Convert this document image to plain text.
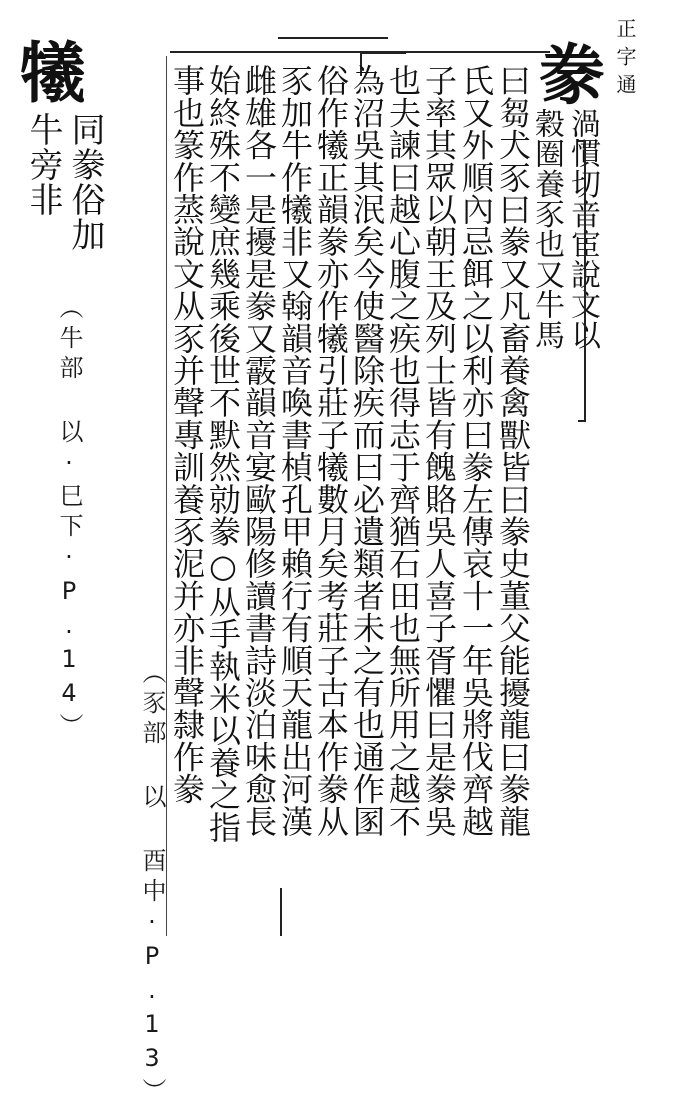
正字通
豢
渦慣切音宦說文以
穀圈養豕也又牛馬
曰芻犬豕曰豢又凡畜養禽獸皆曰豢史董父能擾龍曰豢龍
氏又外順內忌餌之以利亦曰豢左傳哀十一年吳將伐齊越
子率其眾以朝王及列士皆有餽賂吳人喜子胥懼曰是豢吳
也夫諫曰越心腹之疾也得志于齊猶石田也無所用之越不
為沼吳其泯矣今使醫除疾而曰必遺類者未之有也通作圂
俗作犧正韻豢亦作犧引莊子犧數月矣考莊子古本作豢从
豕加牛作犧非又翰韻音喚書楨孔甲賴行有順天龍出河漢
雌雄各一是擾是豢又霰韻音宴歐陽修讀書詩淡泊味愈長
始終殊不變庶幾乘後世不默然勍豢○从手執米以養之指
事也篆作蒸說文从豕并聲專訓養豕泥并亦非聲隸作豢
犧
同豢俗加
牛旁非
（牛部 以·巳下·P.14）
（豕部 以 酉中·P.13）
